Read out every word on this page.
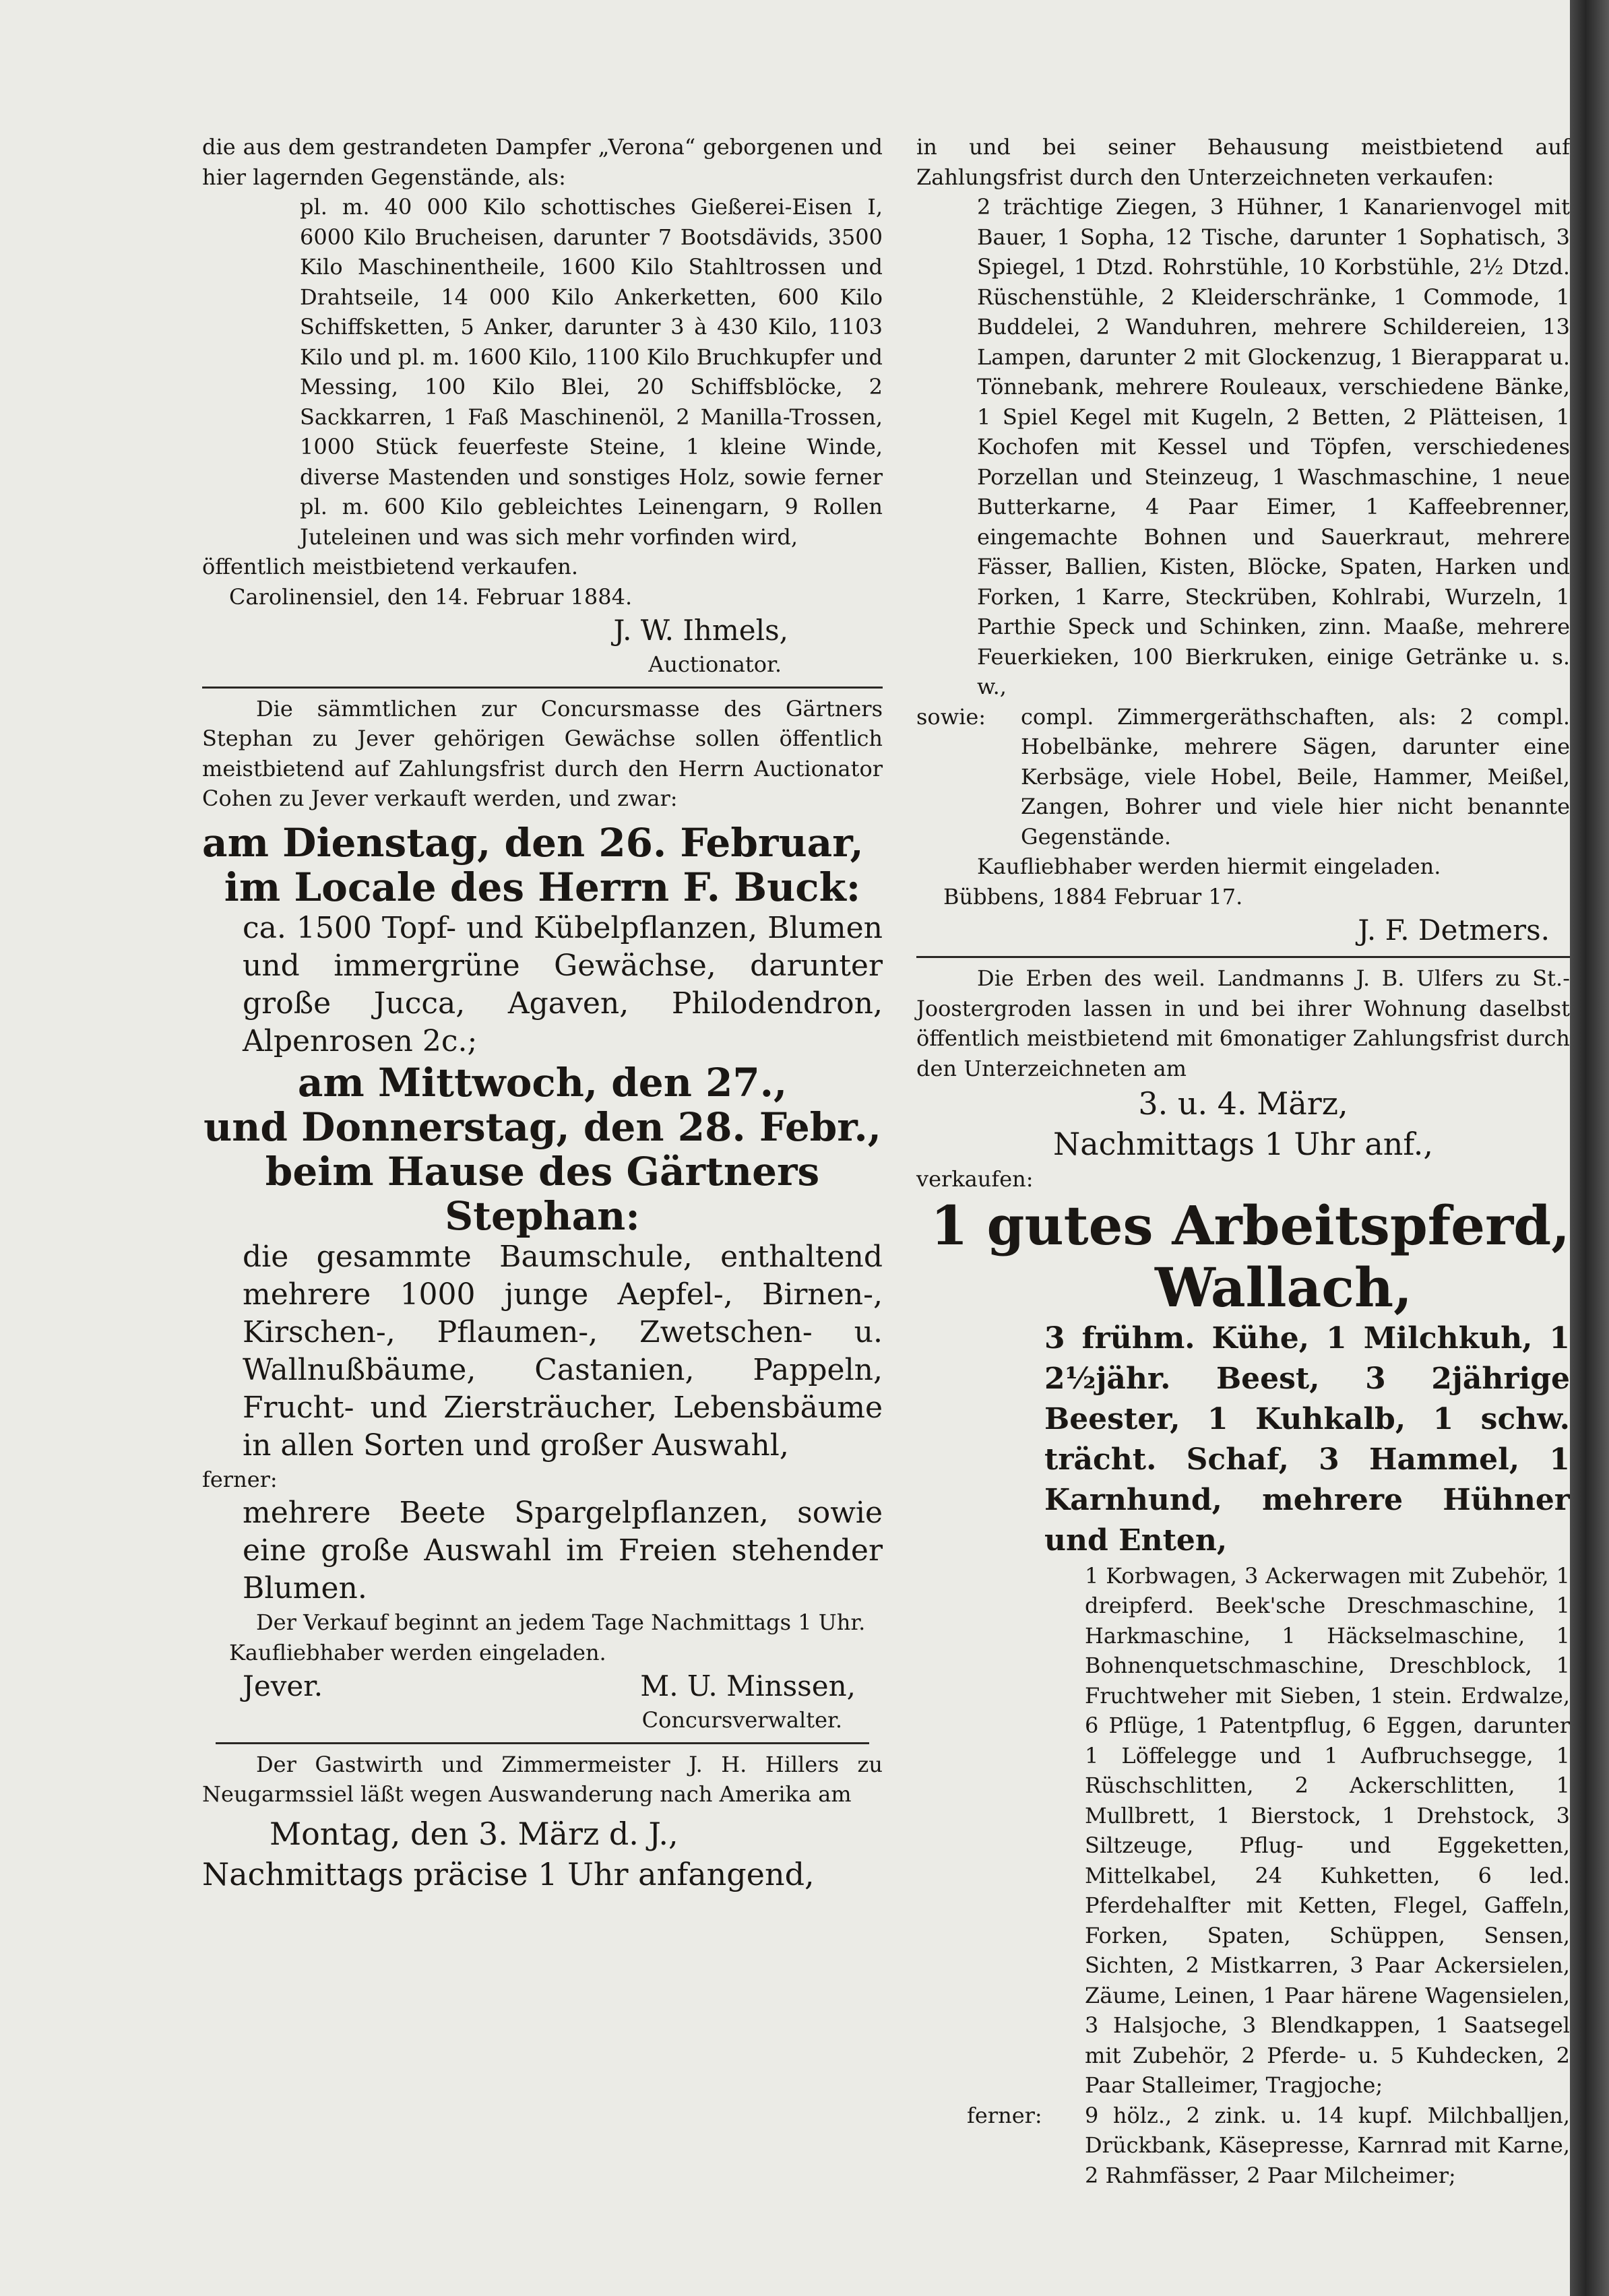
die aus dem gestrandeten Dampfer „Verona“ geborgenen und hier lagernden Gegenstände, als:

pl. m. 40 000 Kilo schottisches Gießerei-Eisen I, 6000 Kilo Brucheisen, darunter 7 Bootsdävids, 3500 Kilo Maschinentheile, 1600 Kilo Stahltrossen und Drahtseile, 14 000 Kilo Ankerketten, 600 Kilo Schiffsketten, 5 Anker, darunter 3 à 430 Kilo, 1103 Kilo und pl. m. 1600 Kilo, 1100 Kilo Bruchkupfer und Messing, 100 Kilo Blei, 20 Schiffsblöcke, 2 Sackkarren, 1 Faß Maschinenöl, 2 Manilla-Trossen, 1000 Stück feuerfeste Steine, 1 kleine Winde, diverse Mastenden und sonstiges Holz, sowie ferner pl. m. 600 Kilo gebleichtes Leinengarn, 9 Rollen Juteleinen und was sich mehr vorfinden wird,

öffentlich meistbietend verkaufen.

Carolinensiel, den 14. Februar 1884.

J. W. Ihmels,

Auctionator.

Die sämmtlichen zur Concursmasse des Gärtners Stephan zu Jever gehörigen Gewächse sollen öffentlich meistbietend auf Zahlungsfrist durch den Herrn Auctionator Cohen zu Jever verkauft werden, und zwar:

am Dienstag, den 26. Februar,

im Locale des Herrn F. Buck:

ca. 1500 Topf- und Kübelpflanzen, Blumen und immergrüne Gewächse, darunter große Jucca, Agaven, Philodendron, Alpenrosen 2c.;

am Mittwoch, den 27.,

und Donnerstag, den 28. Febr.,

beim Hause des Gärtners

Stephan:

die gesammte Baumschule, enthaltend mehrere 1000 junge Aepfel-, Birnen-, Kirschen-, Pflaumen-, Zwetschen- u. Wallnußbäume, Castanien, Pappeln, Frucht- und Ziersträucher, Lebensbäume in allen Sorten und großer Auswahl,

ferner:

mehrere Beete Spargelpflanzen, sowie eine große Auswahl im Freien stehender Blumen.

Der Verkauf beginnt an jedem Tage Nachmittags 1 Uhr.

Kaufliebhaber werden eingeladen.

Jever.	M. U. Minssen,

Concursverwalter.

Der Gastwirth und Zimmermeister J. H. Hillers zu Neugarmssiel läßt wegen Auswanderung nach Amerika am

Montag, den 3. März d. J.,

Nachmittags präcise 1 Uhr anfangend,

in und bei seiner Behausung meistbietend auf Zahlungsfrist durch den Unterzeichneten verkaufen:

2 trächtige Ziegen, 3 Hühner, 1 Kanarienvogel mit Bauer, 1 Sopha, 12 Tische, darunter 1 Sophatisch, 3 Spiegel, 1 Dtzd. Rohrstühle, 10 Korbstühle, 2½ Dtzd. Rüschenstühle, 2 Kleiderschränke, 1 Commode, 1 Buddelei, 2 Wanduhren, mehrere Schildereien, 13 Lampen, darunter 2 mit Glockenzug, 1 Bierapparat u. Tönnebank, mehrere Rouleaux, verschiedene Bänke, 1 Spiel Kegel mit Kugeln, 2 Betten, 2 Plätteisen, 1 Kochofen mit Kessel und Töpfen, verschiedenes Porzellan und Steinzeug, 1 Waschmaschine, 1 neue Butterkarne, 4 Paar Eimer, 1 Kaffeebrenner, eingemachte Bohnen und Sauerkraut, mehrere Fässer, Ballien, Kisten, Blöcke, Spaten, Harken und Forken, 1 Karre, Steckrüben, Kohlrabi, Wurzeln, 1 Parthie Speck und Schinken, zinn. Maaße, mehrere Feuerkieken, 100 Bierkruken, einige Getränke u. s. w.,

sowie:	compl. Zimmergeräthschaften, als: 2 compl. Hobelbänke, mehrere Sägen, darunter eine Kerbsäge, viele Hobel, Beile, Hammer, Meißel, Zangen, Bohrer und viele hier nicht benannte Gegenstände.

Kaufliebhaber werden hiermit eingeladen.

Bübbens, 1884 Februar 17.

J. F. Detmers.

Die Erben des weil. Landmanns J. B. Ulfers zu St.-Joostergroden lassen in und bei ihrer Wohnung daselbst öffentlich meistbietend mit 6monatiger Zahlungsfrist durch den Unterzeichneten am

3. u. 4. März,

Nachmittags 1 Uhr anf.,

verkaufen:

1 gutes Arbeitspferd,

Wallach,

3 frühm. Kühe, 1 Milchkuh, 1 2½jähr. Beest, 3 2jährige Beester, 1 Kuhkalb, 1 schw. trächt. Schaf, 3 Hammel, 1 Karnhund, mehrere Hühner und Enten,

1 Korbwagen, 3 Ackerwagen mit Zubehör, 1 dreipferd. Beek'sche Dreschmaschine, 1 Harkmaschine, 1 Häckselmaschine, 1 Bohnenquetschmaschine, Dreschblock, 1 Fruchtweher mit Sieben, 1 stein. Erdwalze, 6 Pflüge, 1 Patentpflug, 6 Eggen, darunter 1 Löffelegge und 1 Aufbruchsegge, 1 Rüschschlitten, 2 Ackerschlitten, 1 Mullbrett, 1 Bierstock, 1 Drehstock, 3 Siltzeuge, Pflug- und Eggeketten, Mittelkabel, 24 Kuhketten, 6 led. Pferdehalfter mit Ketten, Flegel, Gaffeln, Forken, Spaten, Schüppen, Sensen, Sichten, 2 Mistkarren, 3 Paar Ackersielen, Zäume, Leinen, 1 Paar härene Wagensielen, 3 Halsjoche, 3 Blendkappen, 1 Saatsegel mit Zubehör, 2 Pferde- u. 5 Kuhdecken, 2 Paar Stalleimer, Tragjoche;

ferner:	9 hölz., 2 zink. u. 14 kupf. Milchballjen, Drückbank, Käsepresse, Karnrad mit Karne, 2 Rahmfässer, 2 Paar Milcheimer;
